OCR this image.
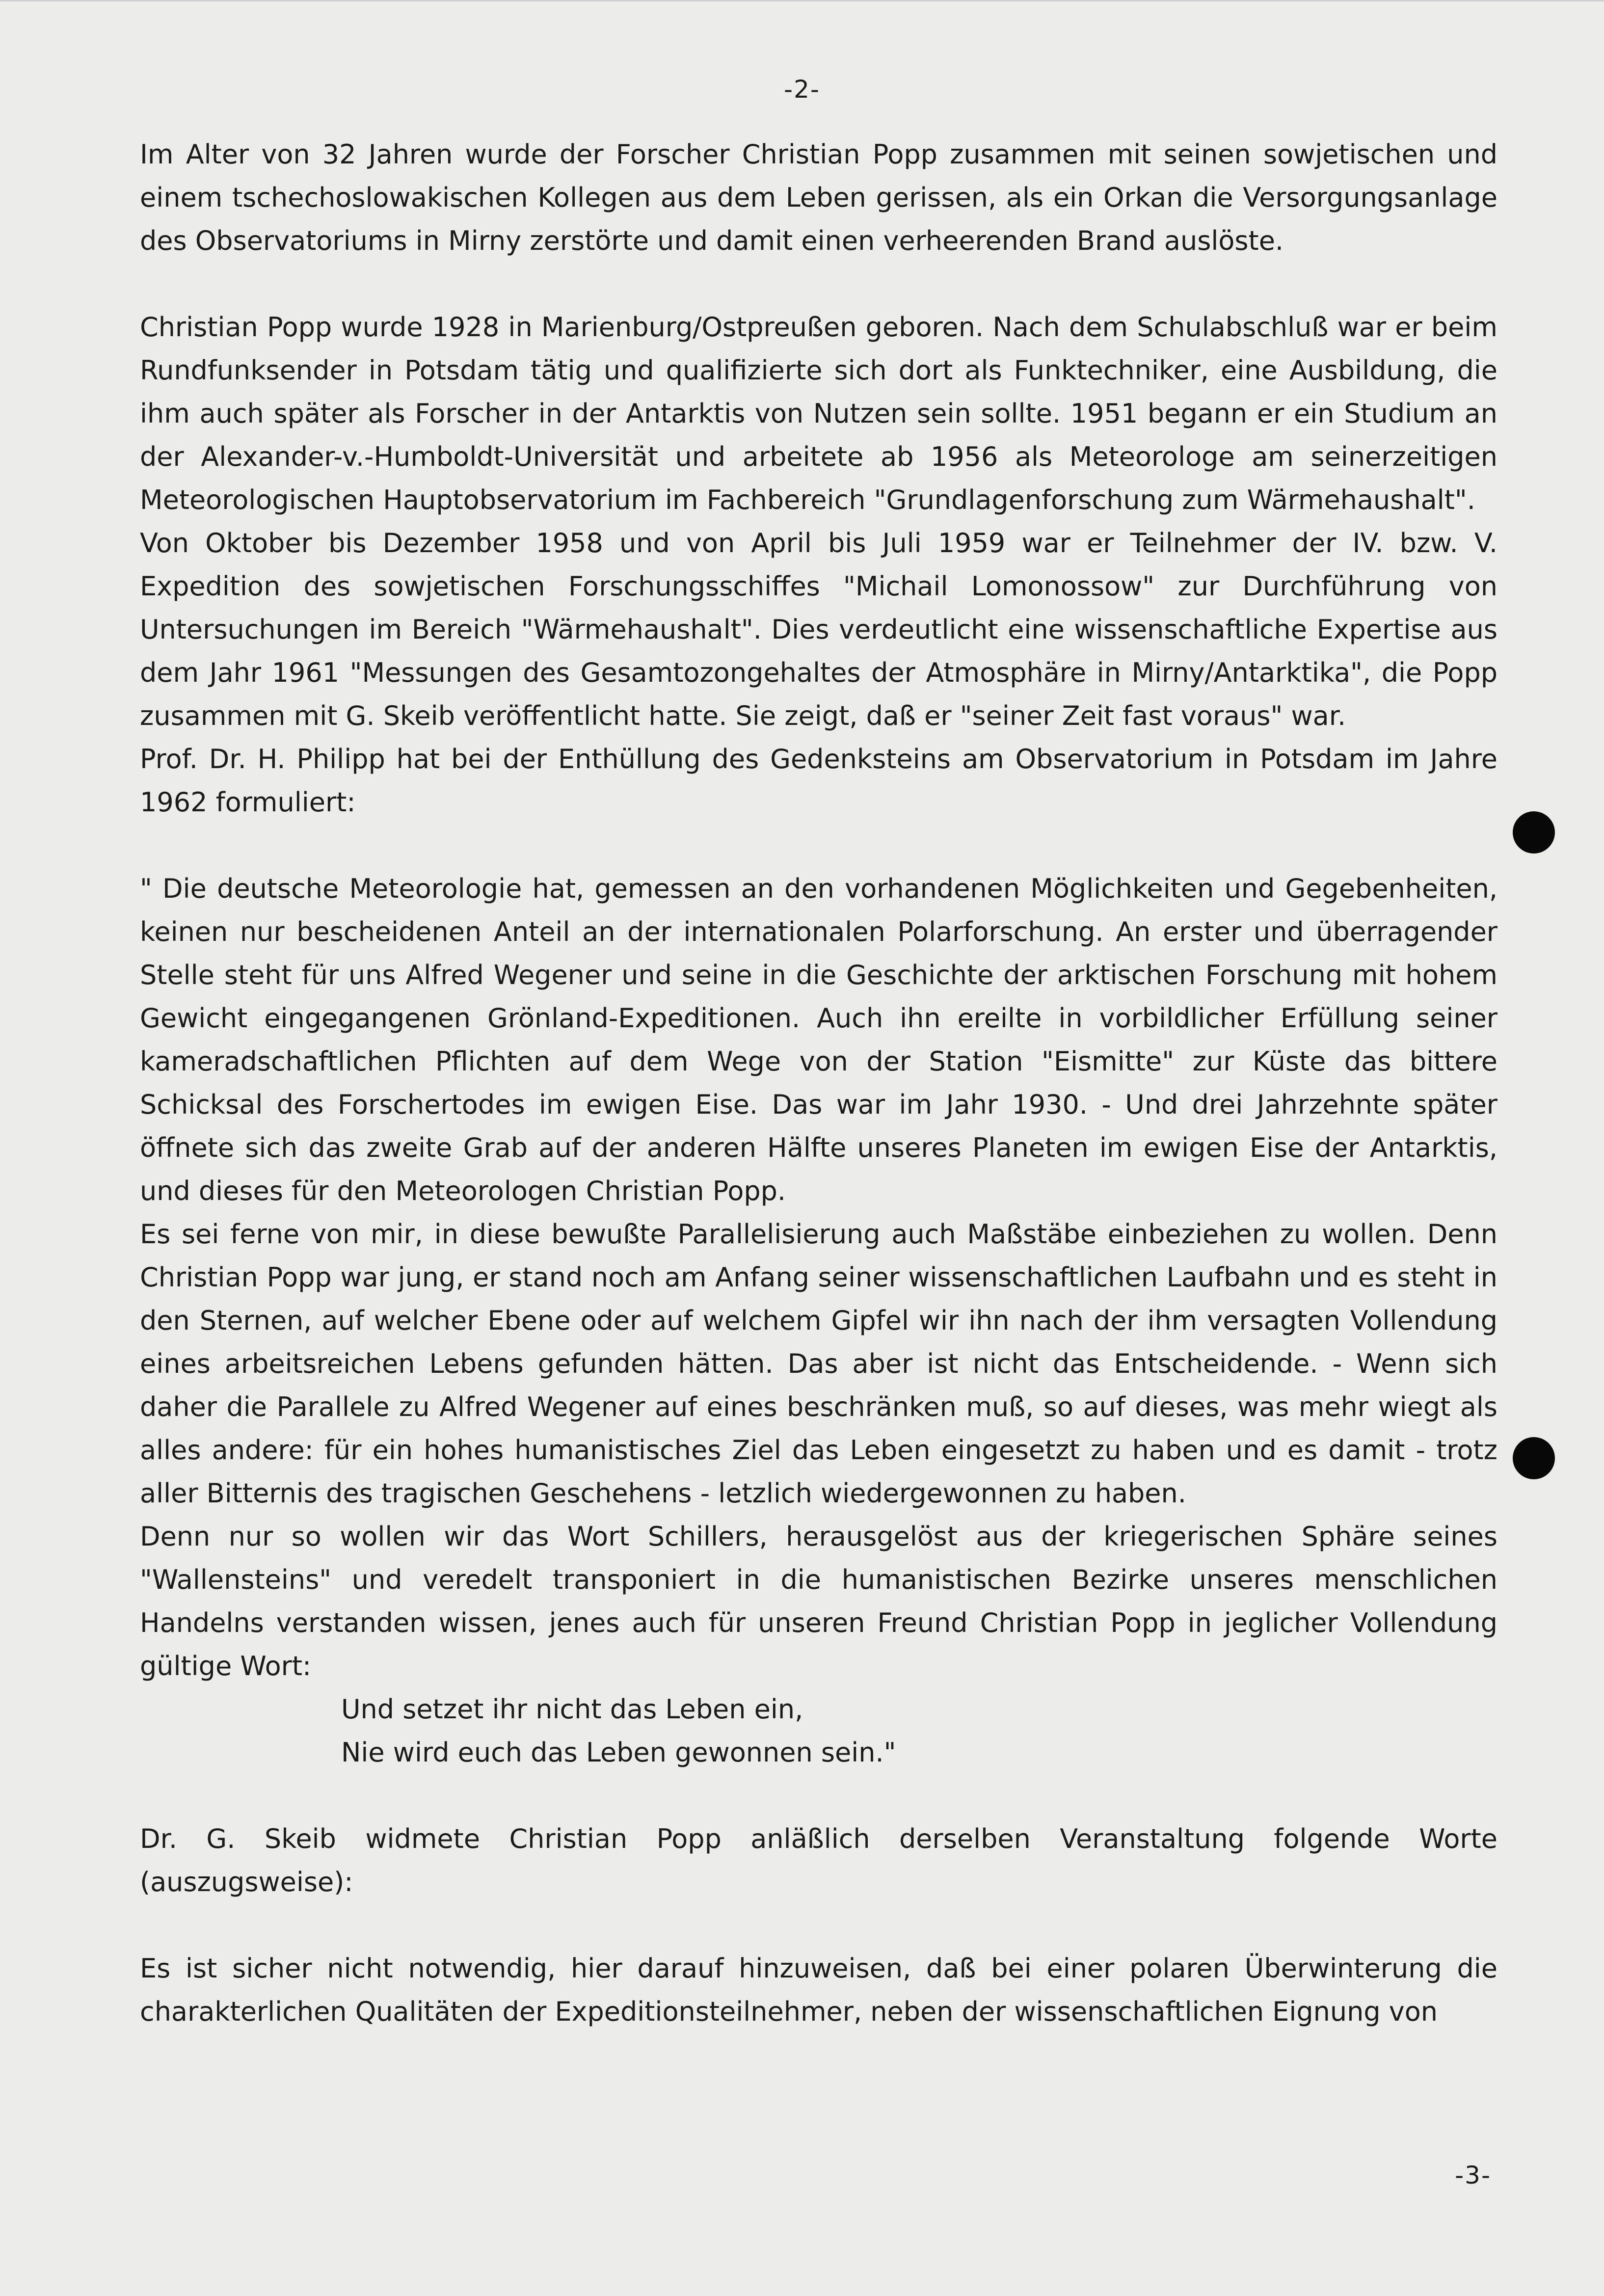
-2-

Im Alter von 32 Jahren wurde der Forscher Christian Popp zusammen mit seinen sowjetischen und einem tschechoslowakischen Kollegen aus dem Leben gerissen, als ein Orkan die Versorgungsanlage des Observatoriums in Mirny zerstörte und damit einen verheerenden Brand auslöste.

Christian Popp wurde 1928 in Marienburg/Ostpreußen geboren. Nach dem Schulabschluß war er beim Rundfunksender in Potsdam tätig und qualifizierte sich dort als Funktechniker, eine Ausbildung, die ihm auch später als Forscher in der Antarktis von Nutzen sein sollte. 1951 begann er ein Studium an der Alexander-v.-Humboldt-Universität und arbeitete ab 1956 als Meteorologe am seinerzeitigen Meteorologischen Hauptobservatorium im Fachbereich "Grundlagenforschung zum Wärmehaushalt".

Von Oktober bis Dezember 1958 und von April bis Juli 1959 war er Teilnehmer der IV. bzw. V. Expedition des sowjetischen Forschungsschiffes "Michail Lomonossow" zur Durchführung von Untersuchungen im Bereich "Wärmehaushalt". Dies verdeutlicht eine wissenschaftliche Expertise aus dem Jahr 1961 "Messungen des Gesamtozongehaltes der Atmosphäre in Mirny/Antarktika", die Popp zusammen mit G. Skeib veröffentlicht hatte. Sie zeigt, daß er "seiner Zeit fast voraus" war.

Prof. Dr. H. Philipp hat bei der Enthüllung des Gedenksteins am Observatorium in Potsdam im Jahre 1962 formuliert:

" Die deutsche Meteorologie hat, gemessen an den vorhandenen Möglichkeiten und Gegebenheiten, keinen nur bescheidenen Anteil an der internationalen Polarforschung. An erster und überragender Stelle steht für uns Alfred Wegener und seine in die Geschichte der arktischen Forschung mit hohem Gewicht eingegangenen Grönland-Expeditionen. Auch ihn ereilte in vorbildlicher Erfüllung seiner kameradschaftlichen Pflichten auf dem Wege von der Station "Eismitte" zur Küste das bittere Schicksal des Forschertodes im ewigen Eise. Das war im Jahr 1930. - Und drei Jahrzehnte später öffnete sich das zweite Grab auf der anderen Hälfte unseres Planeten im ewigen Eise der Antarktis, und dieses für den Meteorologen Christian Popp.

Es sei ferne von mir, in diese bewußte Parallelisierung auch Maßstäbe einbeziehen zu wollen. Denn Christian Popp war jung, er stand noch am Anfang seiner wissenschaftlichen Laufbahn und es steht in den Sternen, auf welcher Ebene oder auf welchem Gipfel wir ihn nach der ihm versagten Vollendung eines arbeitsreichen Lebens gefunden hätten. Das aber ist nicht das Entscheidende. - Wenn sich daher die Parallele zu Alfred Wegener auf eines beschränken muß, so auf dieses, was mehr wiegt als alles andere: für ein hohes humanistisches Ziel das Leben eingesetzt zu haben und es damit - trotz aller Bitternis des tragischen Geschehens - letzlich wiedergewonnen zu haben.

Denn nur so wollen wir das Wort Schillers, herausgelöst aus der kriegerischen Sphäre seines "Wallensteins" und veredelt transponiert in die humanistischen Bezirke unseres menschlichen Handelns verstanden wissen, jenes auch für unseren Freund Christian Popp in jeglicher Vollendung gültige Wort:

Und setzet ihr nicht das Leben ein,

Nie wird euch das Leben gewonnen sein."

Dr. G. Skeib widmete Christian Popp anläßlich derselben Veranstaltung folgende Worte (auszugsweise):

Es ist sicher nicht notwendig, hier darauf hinzuweisen, daß bei einer polaren Überwinterung die charakterlichen Qualitäten der Expeditionsteilnehmer, neben der wissenschaftlichen Eignung von

-3-
